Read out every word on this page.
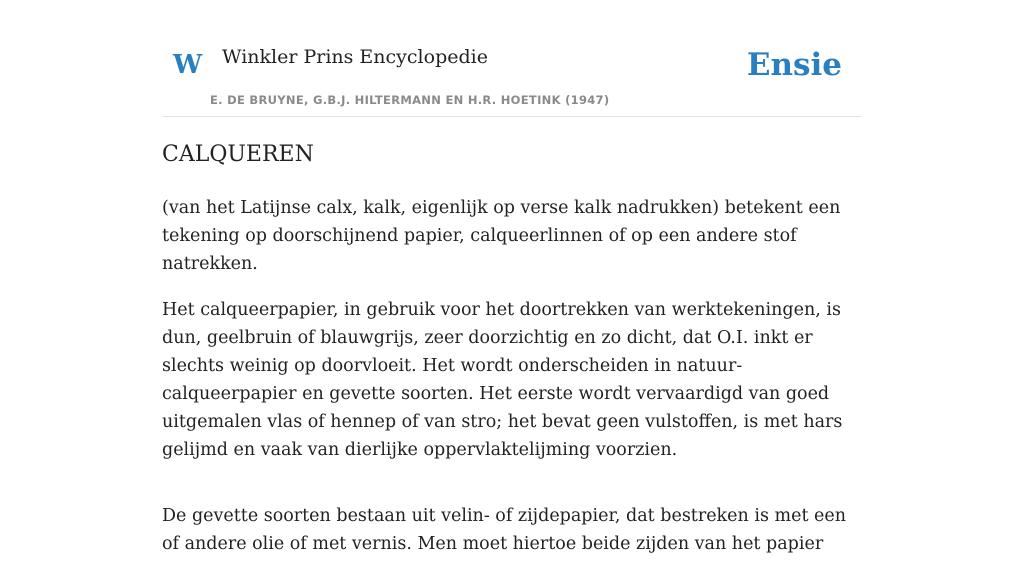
W Winkler Prins Encyclopedie
E. DE BRUYNE, G.B.J. HILTERMANN EN H.R. HOETINK (1947)
Ensie
CALQUEREN

(van het Latijnse calx, kalk, eigenlijk op verse kalk nadrukken) betekent een tekening op doorschijnend papier, calqueerlinnen of op een andere stof natrekken.

Het calqueerpapier, in gebruik voor het doortrekken van werktekeningen, is dun, geelbruin of blauwgrijs, zeer doorzichtig en zo dicht, dat O.I. inkt er slechts weinig op doorvloeit. Het wordt onderscheiden in natuur-calqueerpapier en gevette soorten. Het eerste wordt vervaardigd van goed uitgemalen vlas of hennep of van stro; het bevat geen vulstoffen, is met hars gelijmd en vaak van dierlijke oppervlaktelijming voorzien.

De gevette soorten bestaan uit velin- of zijdepapier, dat bestreken is met een of andere olie of met vernis. Men moet hiertoe beide zijden van het papier
